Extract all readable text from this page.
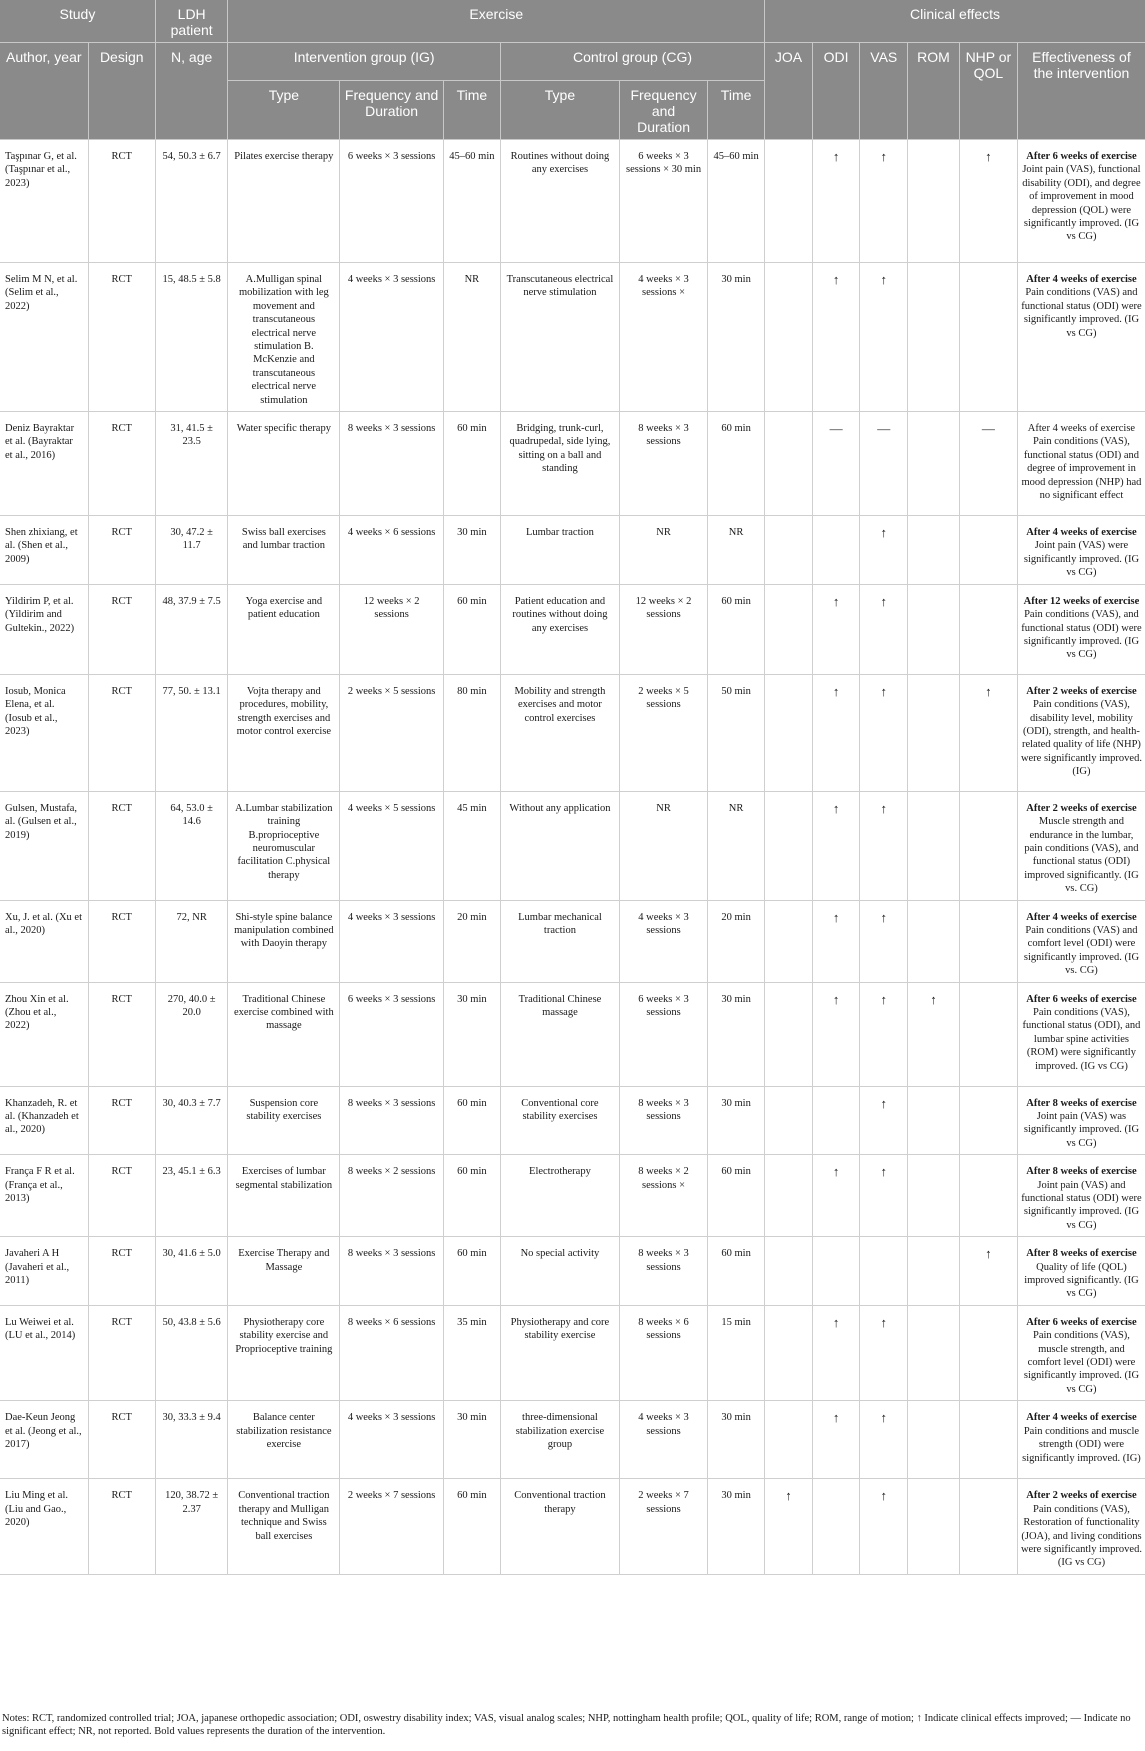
Study		LDH patient	Exercise						Clinical effects					
Author, year	Design	N, age	Intervention group (IG)			Control group (CG)			JOA	ODI	VAS	ROM	NHP or QOL	Effectiveness of the intervention
			Type	Frequency and Duration	Time	Type	Frequency and Duration	Time						
Taşpınar G, et al. (Taşpınar et al., 2023)	RCT	54, 50.3 ± 6.7	Pilates exercise therapy	6 weeks × 3 sessions	45–60 min	Routines without doing any exercises	6 weeks × 3 sessions × 30 min	45–60 min		↑	↑		↑	After 6 weeks of exercise Joint pain (VAS), functional disability (ODI), and degree of improvement in mood depression (QOL) were significantly improved. (IG vs CG)
Selim M N, et al. (Selim et al., 2022)	RCT	15, 48.5 ± 5.8	A.Mulligan spinal mobilization with leg movement and transcutaneous electrical nerve stimulation B. McKenzie and transcutaneous electrical nerve stimulation	4 weeks × 3 sessions	NR	Transcutaneous electrical nerve stimulation	4 weeks × 3 sessions ×	30 min		↑	↑			After 4 weeks of exercise Pain conditions (VAS) and functional status (ODI) were significantly improved. (IG vs CG)
Deniz Bayraktar et al. (Bayraktar et al., 2016)	RCT	31, 41.5 ± 23.5	Water specific therapy	8 weeks × 3 sessions	60 min	Bridging, trunk-curl, quadrupedal, side lying, sitting on a ball and standing	8 weeks × 3 sessions	60 min		—	—		—	After 4 weeks of exercise Pain conditions (VAS), functional status (ODI) and degree of improvement in mood depression (NHP) had no significant effect
Shen zhixiang, et al. (Shen et al., 2009)	RCT	30, 47.2 ± 11.7	Swiss ball exercises and lumbar traction	4 weeks × 6 sessions	30 min	Lumbar traction	NR	NR			↑			After 4 weeks of exercise Joint pain (VAS) were significantly improved. (IG vs CG)
Yildirim P, et al. (Yildirim and Gultekin., 2022)	RCT	48, 37.9 ± 7.5	Yoga exercise and patient education	12 weeks × 2 sessions	60 min	Patient education and routines without doing any exercises	12 weeks × 2 sessions	60 min		↑	↑			After 12 weeks of exercise Pain conditions (VAS), and functional status (ODI) were significantly improved. (IG vs CG)
Iosub, Monica Elena, et al. (Iosub et al., 2023)	RCT	77, 50. ± 13.1	Vojta therapy and procedures, mobility, strength exercises and motor control exercise	2 weeks × 5 sessions	80 min	Mobility and strength exercises and motor control exercises	2 weeks × 5 sessions	50 min		↑	↑		↑	After 2 weeks of exercise Pain conditions (VAS), disability level, mobility (ODI), strength, and health-related quality of life (NHP) were significantly improved. (IG)
Gulsen, Mustafa, al. (Gulsen et al., 2019)	RCT	64, 53.0 ± 14.6	A.Lumbar stabilization training B.proprioceptive neuromuscular facilitation C.physical therapy	4 weeks × 5 sessions	45 min	Without any application	NR	NR		↑	↑			After 2 weeks of exercise Muscle strength and endurance in the lumbar, pain conditions (VAS), and functional status (ODI) improved significantly. (IG vs. CG)
Xu, J. et al. (Xu et al., 2020)	RCT	72, NR	Shi-style spine balance manipulation combined with Daoyin therapy	4 weeks × 3 sessions	20 min	Lumbar mechanical traction	4 weeks × 3 sessions	20 min		↑	↑			After 4 weeks of exercise Pain conditions (VAS) and comfort level (ODI) were significantly improved. (IG vs. CG)
Zhou Xin et al. (Zhou et al., 2022)	RCT	270, 40.0 ± 20.0	Traditional Chinese exercise combined with massage	6 weeks × 3 sessions	30 min	Traditional Chinese massage	6 weeks × 3 sessions	30 min		↑	↑	↑		After 6 weeks of exercise Pain conditions (VAS), functional status (ODI), and lumbar spine activities (ROM) were significantly improved. (IG vs CG)
Khanzadeh, R. et al. (Khanzadeh et al., 2020)	RCT	30, 40.3 ± 7.7	Suspension core stability exercises	8 weeks × 3 sessions	60 min	Conventional core stability exercises	8 weeks × 3 sessions	30 min			↑			After 8 weeks of exercise Joint pain (VAS) was significantly improved. (IG vs CG)
França F R et al. (França et al., 2013)	RCT	23, 45.1 ± 6.3	Exercises of lumbar segmental stabilization	8 weeks × 2 sessions	60 min	Electrotherapy	8 weeks × 2 sessions ×	60 min		↑	↑			After 8 weeks of exercise Joint pain (VAS) and functional status (ODI) were significantly improved. (IG vs CG)
Javaheri A H (Javaheri et al., 2011)	RCT	30, 41.6 ± 5.0	Exercise Therapy and Massage	8 weeks × 3 sessions	60 min	No special activity	8 weeks × 3 sessions	60 min					↑	After 8 weeks of exercise Quality of life (QOL) improved significantly. (IG vs CG)
Lu Weiwei et al. (LU et al., 2014)	RCT	50, 43.8 ± 5.6	Physiotherapy core stability exercise and Proprioceptive training	8 weeks × 6 sessions	35 min	Physiotherapy and core stability exercise	8 weeks × 6 sessions	15 min		↑	↑			After 6 weeks of exercise Pain conditions (VAS), muscle strength, and comfort level (ODI) were significantly improved. (IG vs CG)
Dae-Keun Jeong et al. (Jeong et al., 2017)	RCT	30, 33.3 ± 9.4	Balance center stabilization resistance exercise	4 weeks × 3 sessions	30 min	three-dimensional stabilization exercise group	4 weeks × 3 sessions	30 min		↑	↑			After 4 weeks of exercise Pain conditions and muscle strength (ODI) were significantly improved. (IG)
Liu Ming et al. (Liu and Gao., 2020)	RCT	120, 38.72 ± 2.37	Conventional traction therapy and Mulligan technique and Swiss ball exercises	2 weeks × 7 sessions	60 min	Conventional traction therapy	2 weeks × 7 sessions	30 min	↑		↑			After 2 weeks of exercise Pain conditions (VAS), Restoration of functionality (JOA), and living conditions were significantly improved. (IG vs CG)
Notes: RCT, randomized controlled trial; JOA, japanese orthopedic association; ODI, oswestry disability index; VAS, visual analog scales; NHP, nottingham health profile; QOL, quality of life; ROM, range of motion; ↑ Indicate clinical effects improved; — Indicate no significant effect; NR, not reported. Bold values represents the duration of the intervention.
